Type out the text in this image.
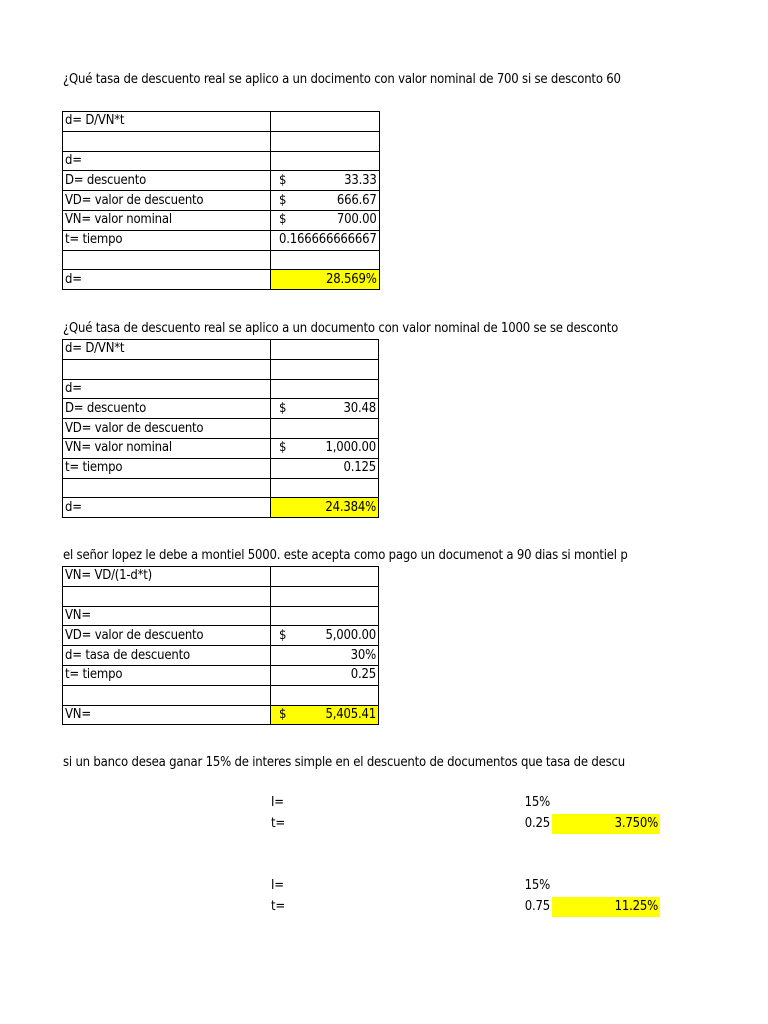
¿Qué tasa de descuento real se aplico a un docimento con valor nominal de 700 si se desconto 60
d= D/VN*t	

d=	

D= descuento	$ 33.33

VD= valor de descuento	$ 666.67

VN= valor nominal	$ 700.00

t= tiempo	0.166666666667

d=	28.569%
¿Qué tasa de descuento real se aplico a un documento con valor nominal de 1000 se se desconto
d= D/VN*t	

d=	

D= descuento	$ 30.48

VD= valor de descuento	

VN= valor nominal	$ 1,000.00

t= tiempo	0.125

d=	24.384%
el señor lopez le debe a montiel 5000. este acepta como pago un documenot a 90 dias si montiel p
VN= VD/(1-d*t)	

VN=	

VD= valor de descuento	$ 5,000.00

d= tasa de descuento	30%

t= tiempo	0.25

VN=	$ 5,405.41
si un banco desea ganar 15% de interes simple en el descuento de documentos que tasa de descu
I=	15%
t=	0.25	3.750%
I=	15%
t=	0.75	11.25%
